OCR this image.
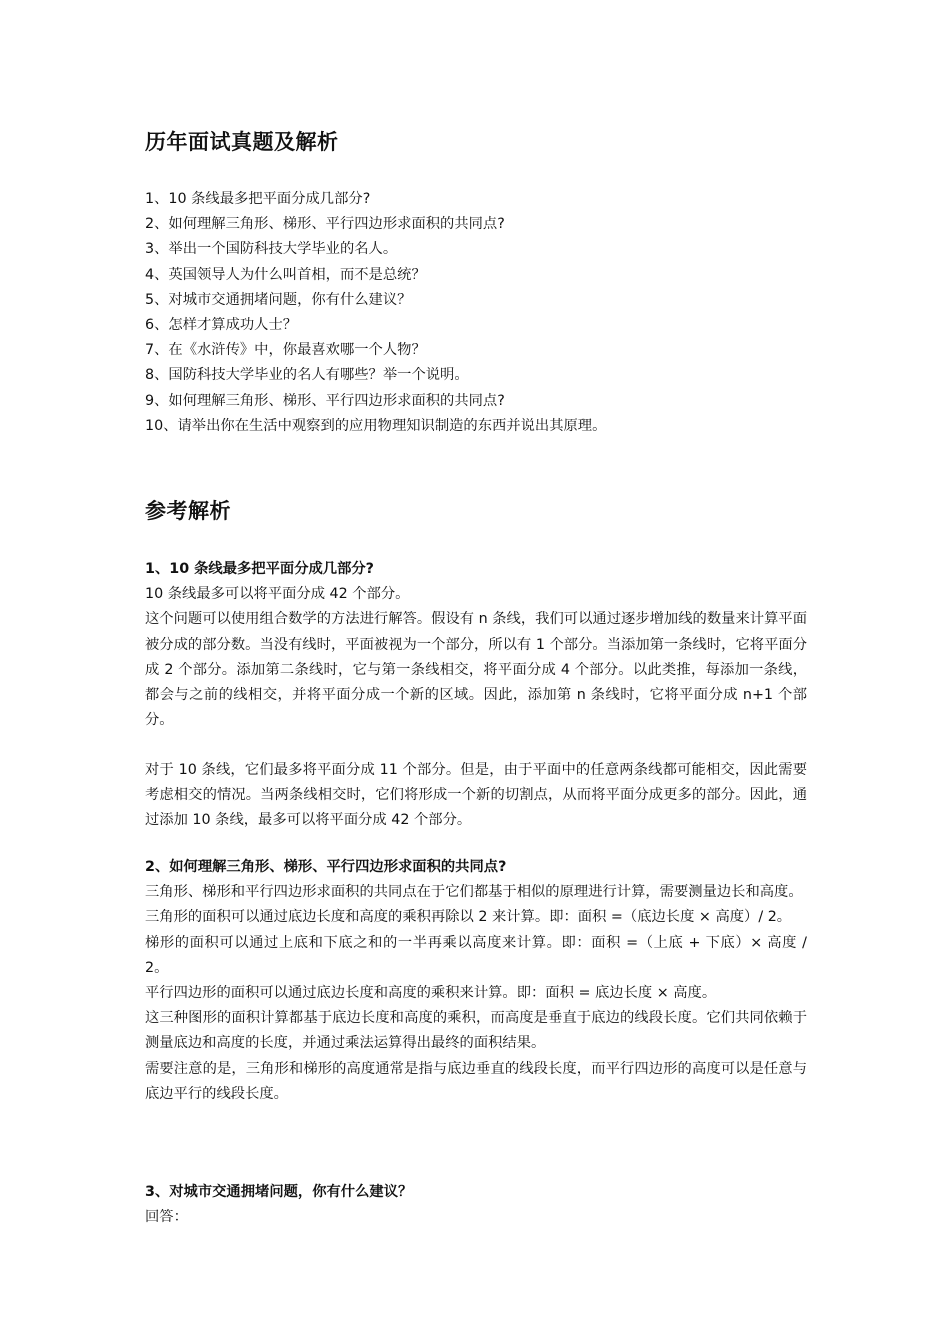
历年面试真题及解析
1、10 条线最多把平面分成几部分?
2、如何理解三角形、梯形、平行四边形求面积的共同点?
3、举出一个国防科技大学毕业的名人。
4、英国领导人为什么叫首相，而不是总统？
5、对城市交通拥堵问题，你有什么建议？
6、怎样才算成功人士？
7、在《水浒传》中，你最喜欢哪一个人物？
8、国防科技大学毕业的名人有哪些？举一个说明。
9、如何理解三角形、梯形、平行四边形求面积的共同点?
10、请举出你在生活中观察到的应用物理知识制造的东西并说出其原理。
参考解析
1、10 条线最多把平面分成几部分?
10 条线最多可以将平面分成 42 个部分。
这个问题可以使用组合数学的方法进行解答。假设有 n 条线，我们可以通过逐步增加线的数量来计算平面被分成的部分数。当没有线时，平面被视为一个部分，所以有 1 个部分。当添加第一条线时，它将平面分成 2 个部分。添加第二条线时，它与第一条线相交，将平面分成 4 个部分。以此类推，每添加一条线，都会与之前的线相交，并将平面分成一个新的区域。因此，添加第 n 条线时，它将平面分成 n+1 个部分。
对于 10 条线，它们最多将平面分成 11 个部分。但是，由于平面中的任意两条线都可能相交，因此需要考虑相交的情况。当两条线相交时，它们将形成一个新的切割点，从而将平面分成更多的部分。因此，通过添加 10 条线，最多可以将平面分成 42 个部分。
2、如何理解三角形、梯形、平行四边形求面积的共同点?
三角形、梯形和平行四边形求面积的共同点在于它们都基于相似的原理进行计算，需要测量边长和高度。
三角形的面积可以通过底边长度和高度的乘积再除以 2 来计算。即：面积 =（底边长度 × 高度）/ 2。
梯形的面积可以通过上底和下底之和的一半再乘以高度来计算。即：面积 =（上底 + 下底）× 高度 / 2。
平行四边形的面积可以通过底边长度和高度的乘积来计算。即：面积 = 底边长度 × 高度。
这三种图形的面积计算都基于底边长度和高度的乘积，而高度是垂直于底边的线段长度。它们共同依赖于测量底边和高度的长度，并通过乘法运算得出最终的面积结果。
需要注意的是，三角形和梯形的高度通常是指与底边垂直的线段长度，而平行四边形的高度可以是任意与底边平行的线段长度。
3、对城市交通拥堵问题，你有什么建议？
回答：
